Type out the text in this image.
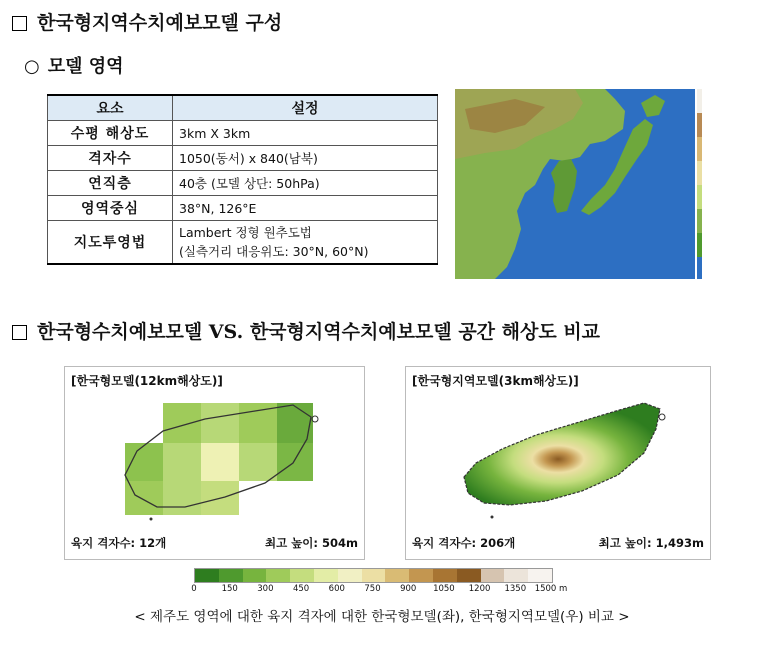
한국형지역수치예보모델 구성
○ 모델 영역
요소	설정
수평 해상도	3km X 3km
격자수	1050(동서) x 840(남북)
연직층	40층 (모델 상단: 50hPa)
영역중심	38°N, 126°E
지도투영법	Lambert 정형 원추도법
(실측거리 대응위도: 30°N, 60°N)
한국형수치예보모델 VS. 한국형지역수치예보모델 공간 해상도 비교
[한국형모델(12km해상도)]
육지 격자수: 12개	최고 높이: 504m
[한국형지역모델(3km해상도)]
육지 격자수: 206개	최고 높이: 1,493m
0	150 300 450 600 750 900 1050 1200 1350 1500 m
< 제주도 영역에 대한 육지 격자에 대한 한국형모델(좌), 한국형지역모델(우) 비교 >
